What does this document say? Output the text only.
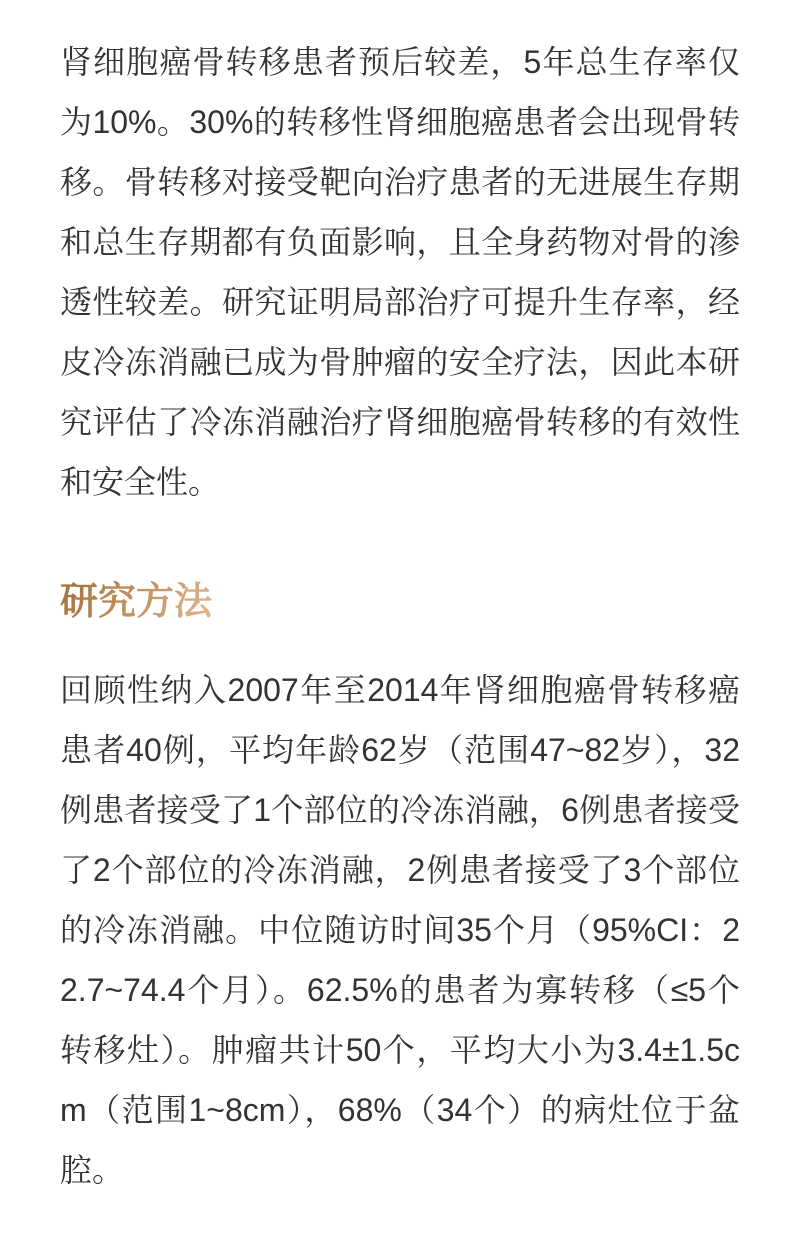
肾细胞癌骨转移患者预后较差，5年总生存率仅为10%。30%的转移性肾细胞癌患者会出现骨转移。骨转移对接受靶向治疗患者的无进展生存期和总生存期都有负面影响，且全身药物对骨的渗透性较差。研究证明局部治疗可提升生存率，经皮冷冻消融已成为骨肿瘤的安全疗法，因此本研究评估了冷冻消融治疗肾细胞癌骨转移的有效性和安全性。

研究方法

回顾性纳入2007年至2014年肾细胞癌骨转移癌患者40例，平均年龄62岁（范围47~82岁），32例患者接受了1个部位的冷冻消融，6例患者接受了2个部位的冷冻消融，2例患者接受了3个部位的冷冻消融。中位随访时间35个月（95%CI：22.7~74.4个月）。62.5%的患者为寡转移（≤5个转移灶）。肿瘤共计50个，平均大小为3.4±1.5cm（范围1~8cm），68%（34个）的病灶位于盆腔。
